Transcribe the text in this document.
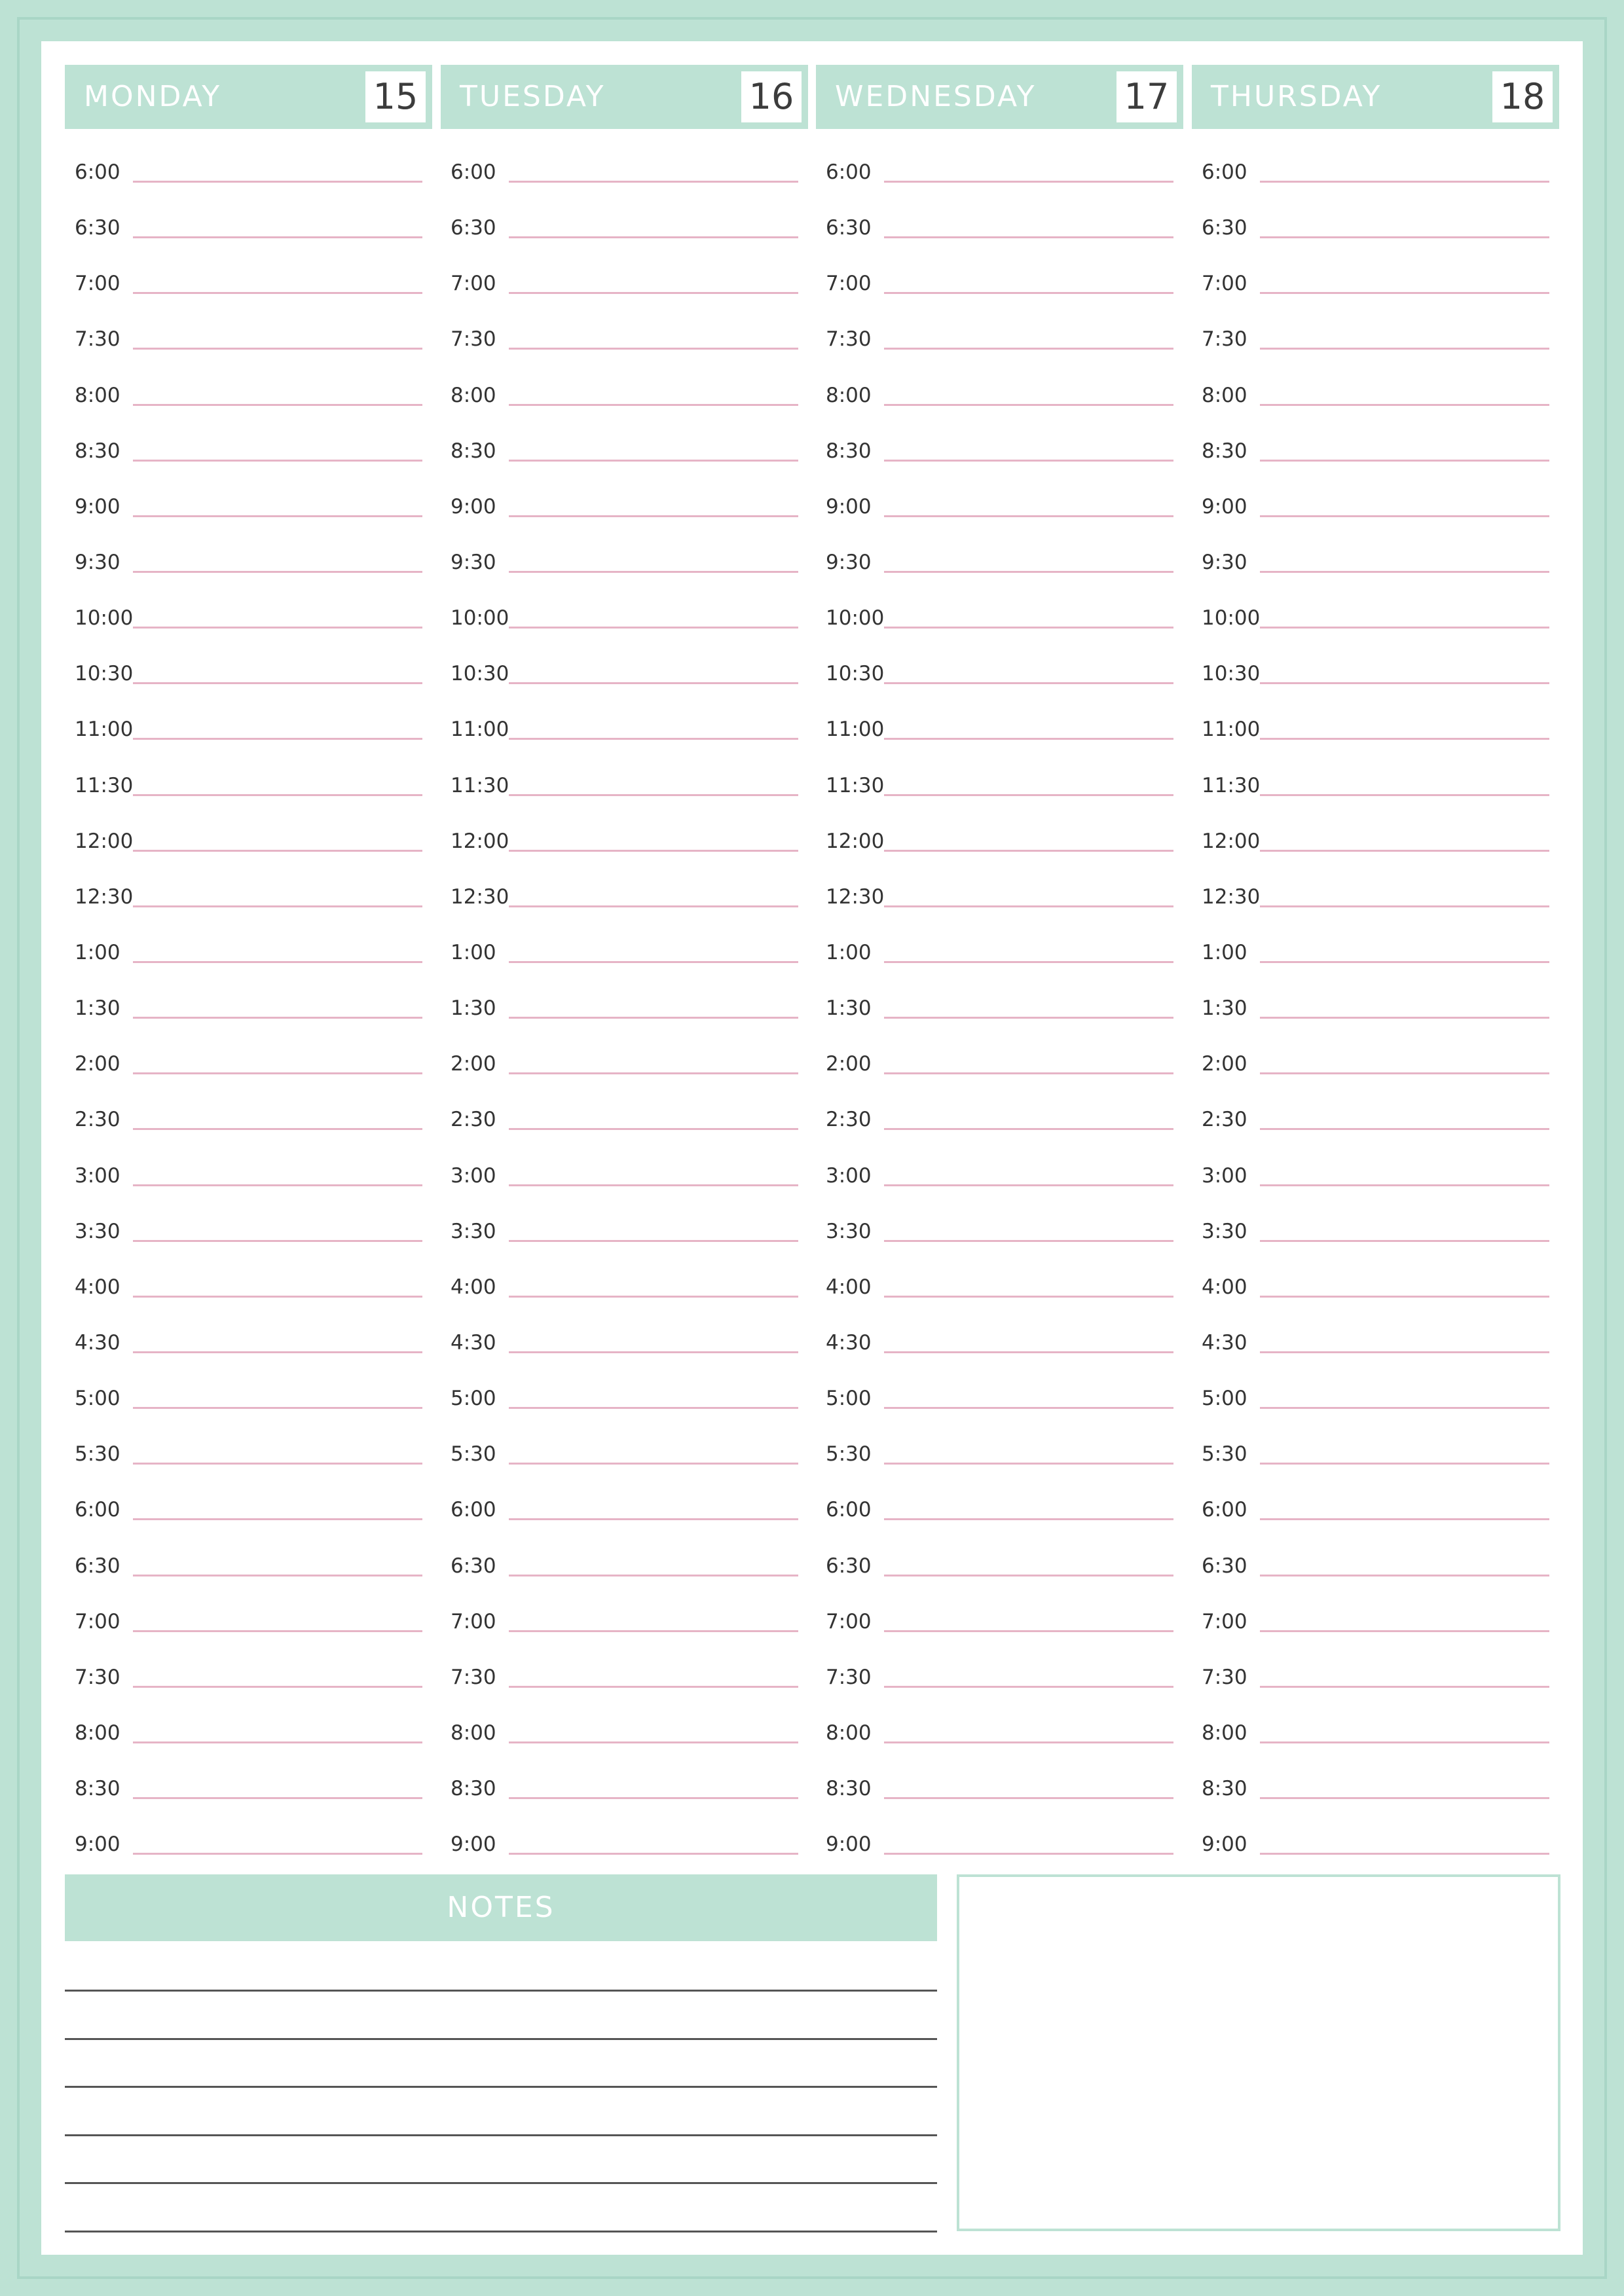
MONDAY	15
6:00
6:30
7:00
7:30
8:00
8:30
9:00
9:30
10:00
10:30
11:00
11:30
12:00
12:30
1:00
1:30
2:00
2:30
3:00
3:30
4:00
4:30
5:00
5:30
6:00
6:30
7:00
7:30
8:00
8:30
9:00
TUESDAY	16
6:00
6:30
7:00
7:30
8:00
8:30
9:00
9:30
10:00
10:30
11:00
11:30
12:00
12:30
1:00
1:30
2:00
2:30
3:00
3:30
4:00
4:30
5:00
5:30
6:00
6:30
7:00
7:30
8:00
8:30
9:00
WEDNESDAY 17
6:00
6:30
7:00
7:30
8:00
8:30
9:00
9:30
10:00
10:30
11:00
11:30
12:00
12:30
1:00
1:30
2:00
2:30
3:00
3:30
4:00
4:30
5:00
5:30
6:00
6:30
7:00
7:30
8:00
8:30
9:00
THURSDAY	18
6:00
6:30
7:00
7:30
8:00
8:30
9:00
9:30
10:00
10:30
11:00
11:30
12:00
12:30
1:00
1:30
2:00
2:30
3:00
3:30
4:00
4:30
5:00
5:30
6:00
6:30
7:00
7:30
8:00
8:30
9:00
NOTES
